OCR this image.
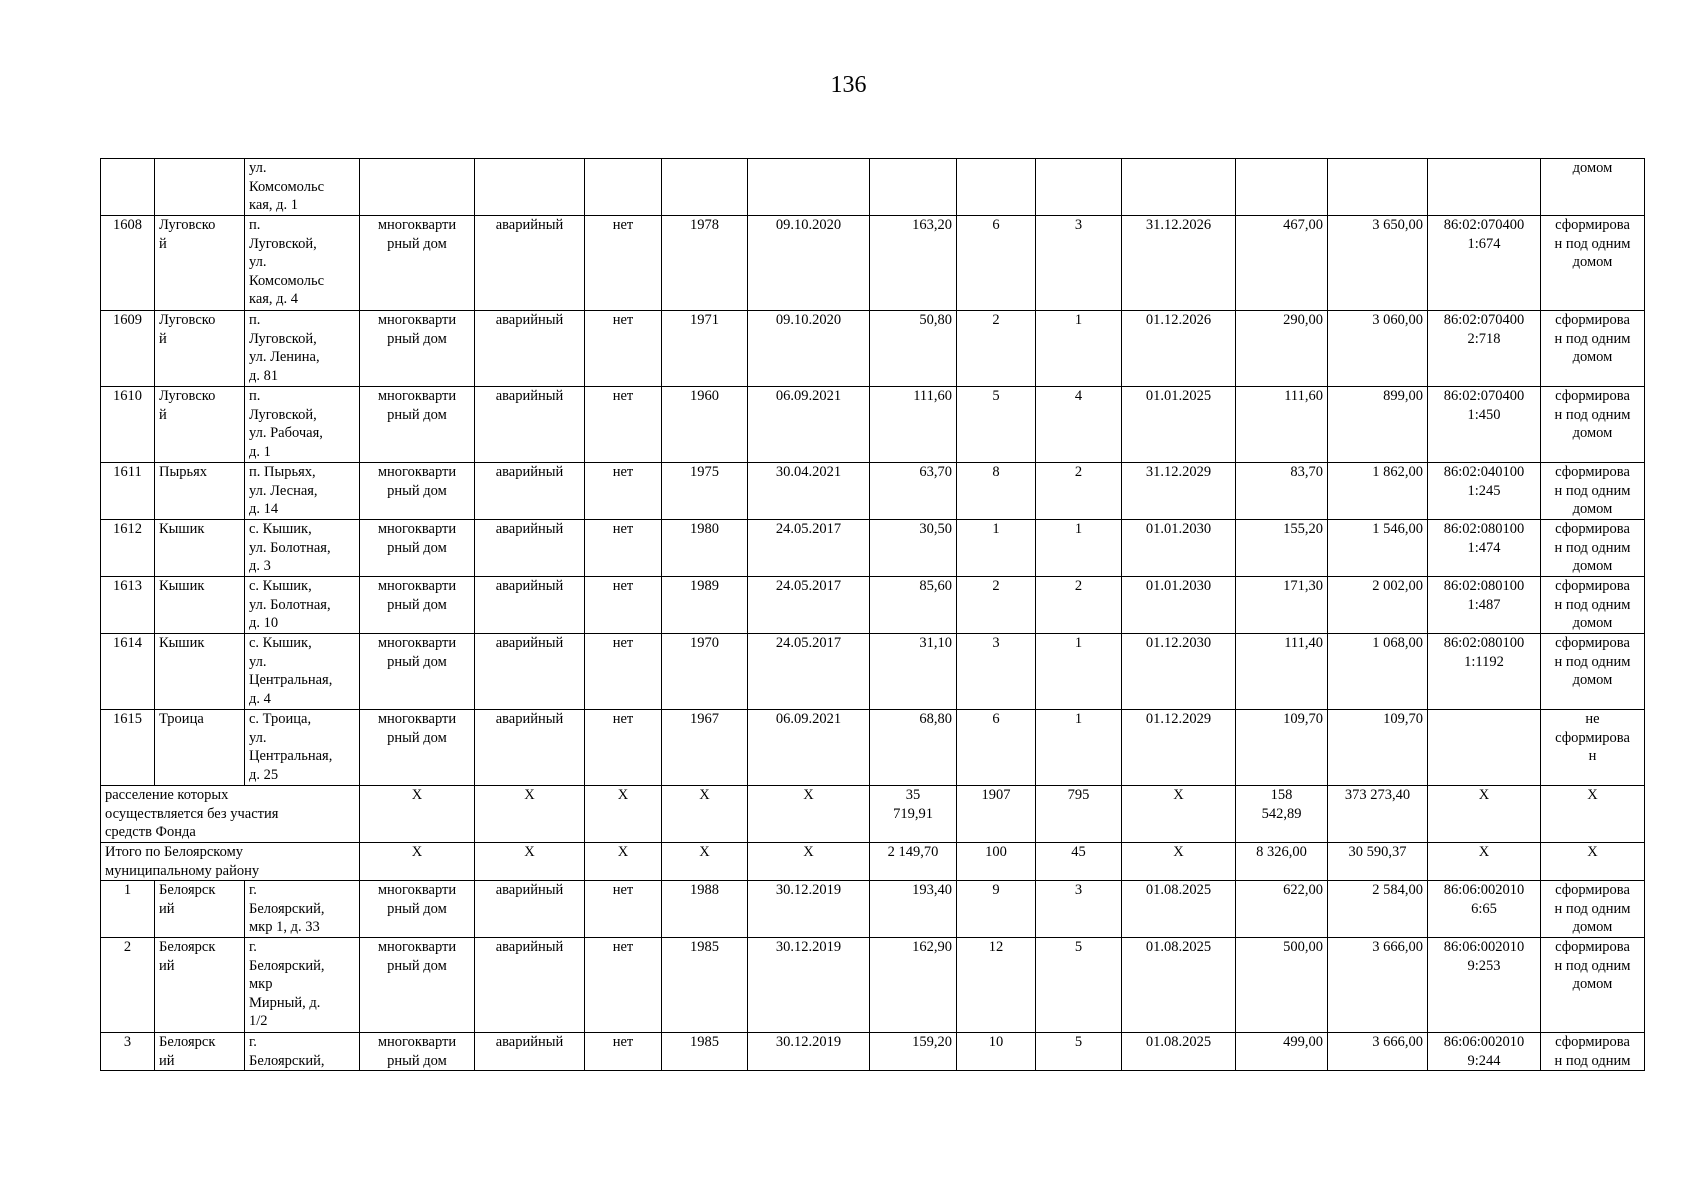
136

		ул.
Комсомольс
кая, д. 1													домом

1608	Луговско
й	п.
Луговской,
ул.
Комсомольс
кая, д. 4	многокварти
рный дом	аварийный	нет	1978	09.10.2020	163,20	6	3	31.12.2026	467,00	3 650,00	86:02:070400
1:674	сформирова
н под одним
домом

1609	Луговско
й	п.
Луговской,
ул. Ленина,
д. 81	многокварти
рный дом	аварийный	нет	1971	09.10.2020	50,80	2	1	01.12.2026	290,00	3 060,00	86:02:070400
2:718	сформирова
н под одним
домом

1610	Луговско
й	п.
Луговской,
ул. Рабочая,
д. 1	многокварти
рный дом	аварийный	нет	1960	06.09.2021	111,60	5	4	01.01.2025	111,60	899,00	86:02:070400
1:450	сформирова
н под одним
домом

1611	Пырьях	п. Пырьях,
ул. Лесная,
д. 14	многокварти
рный дом	аварийный	нет	1975	30.04.2021	63,70	8	2	31.12.2029	83,70	1 862,00	86:02:040100
1:245	сформирова
н под одним
домом

1612	Кышик	с. Кышик,
ул. Болотная,
д. 3	многокварти
рный дом	аварийный	нет	1980	24.05.2017	30,50	1	1	01.01.2030	155,20	1 546,00	86:02:080100
1:474	сформирова
н под одним
домом

1613	Кышик	с. Кышик,
ул. Болотная,
д. 10	многокварти
рный дом	аварийный	нет	1989	24.05.2017	85,60	2	2	01.01.2030	171,30	2 002,00	86:02:080100
1:487	сформирова
н под одним
домом

1614	Кышик	с. Кышик,
ул.
Центральная,
д. 4	многокварти
рный дом	аварийный	нет	1970	24.05.2017	31,10	3	1	01.12.2030	111,40	1 068,00	86:02:080100
1:1192	сформирова
н под одним
домом

1615	Троица	с. Троица,
ул.
Центральная,
д. 25	многокварти
рный дом	аварийный	нет	1967	06.09.2021	68,80	6	1	01.12.2029	109,70	109,70		не
сформирова
н

расселение которых
осуществляется без участия
средств Фонда			X	X	X	X	X	35
719,91	1907	795	X	158
542,89	373 273,40	X	X

Итого по Белоярскому
муниципальному району			X	X	X	X	X	2 149,70	100	45	X	8 326,00	30 590,37	X	X

1	Белоярск
ий	г.
Белоярский,
мкр 1, д. 33	многокварти
рный дом	аварийный	нет	1988	30.12.2019	193,40	9	3	01.08.2025	622,00	2 584,00	86:06:002010
6:65	сформирова
н под одним
домом

2	Белоярск
ий	г.
Белоярский,
мкр
Мирный, д.
1/2	многокварти
рный дом	аварийный	нет	1985	30.12.2019	162,90	12	5	01.08.2025	500,00	3 666,00	86:06:002010
9:253	сформирова
н под одним
домом

3	Белоярск
ий	г.
Белоярский,	многокварти
рный дом	аварийный	нет	1985	30.12.2019	159,20	10	5	01.08.2025	499,00	3 666,00	86:06:002010
9:244	сформирова
н под одним
